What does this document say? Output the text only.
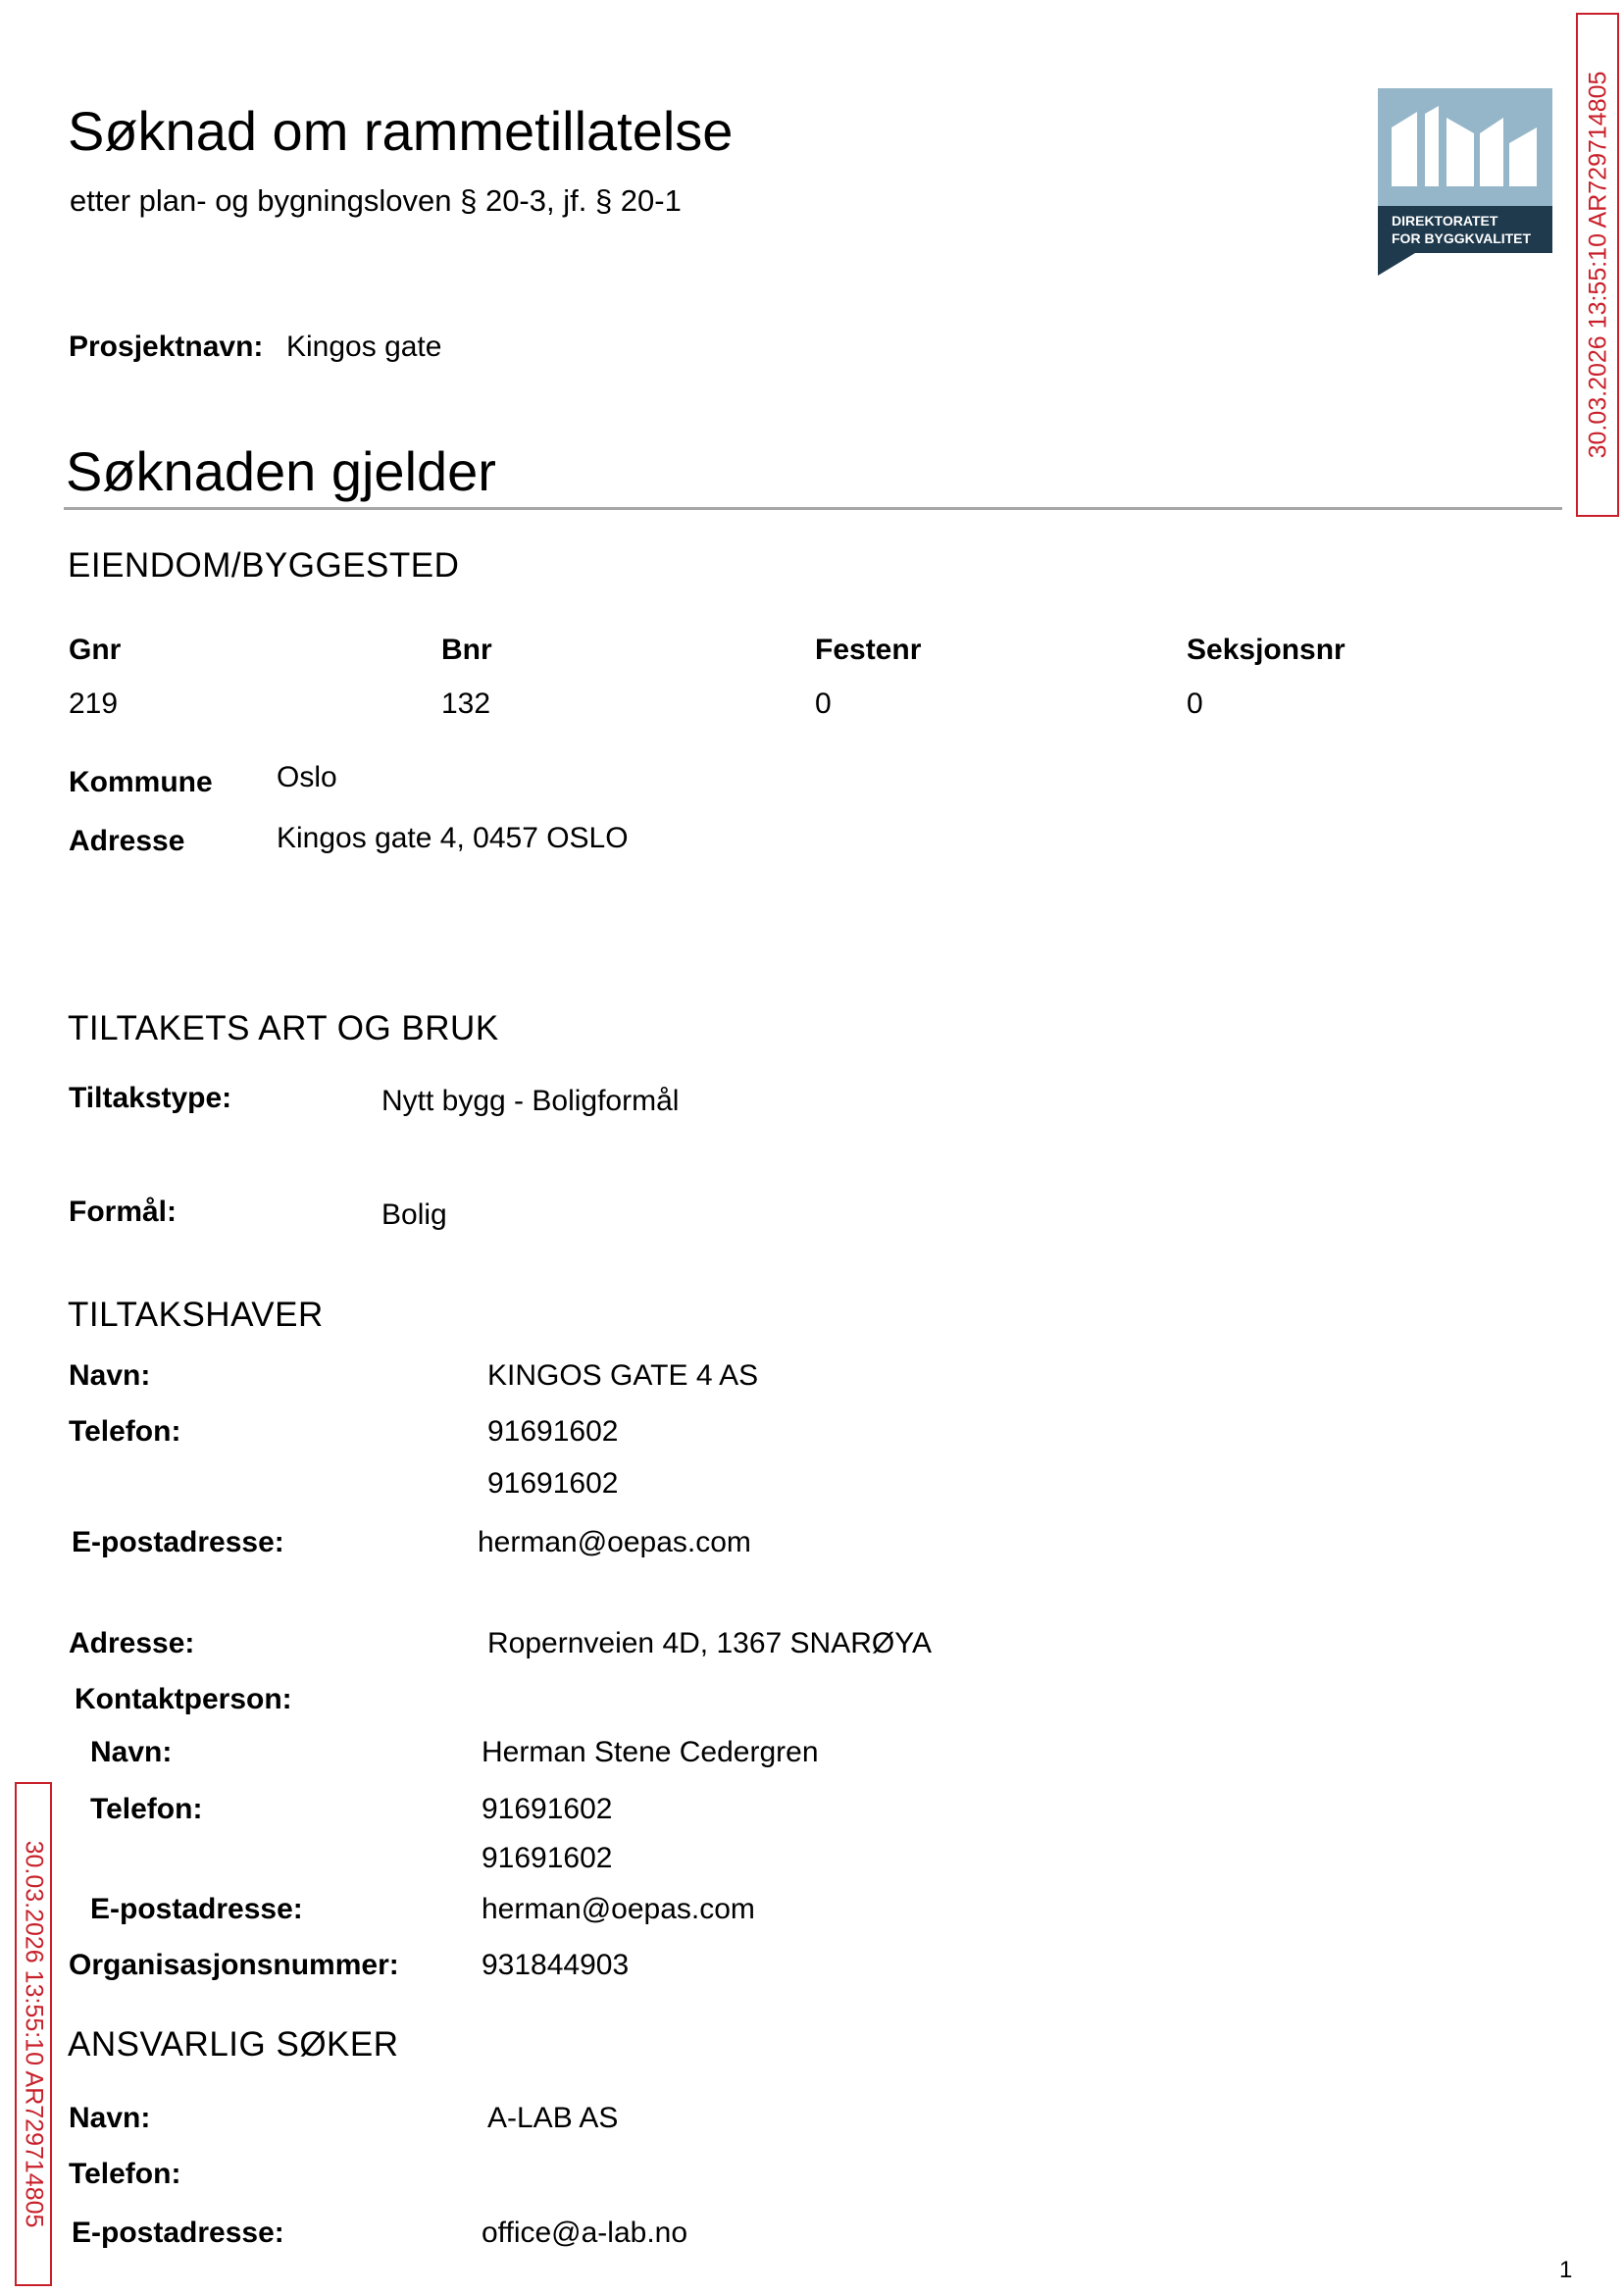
Søknad om rammetillatelse
etter plan- og bygningsloven § 20-3, jf. § 20-1
DIREKTORATET
FOR BYGGKVALITET 30.03.2026 13:55:10 AR729714805
30.03.2026 13:55:10 AR729714805
Prosjektnavn: Kingos gate
Søknaden gjelder
EIENDOM/BYGGESTED
Gnr	Bnr	Festenr	Seksjonsnr
219	132	0	0
Kommune Oslo
Adresse	Kingos gate 4, 0457 OSLO
TILTAKETS ART OG BRUK
Tiltakstype:	Nytt bygg - Boligformål
Formål:	Bolig
TILTAKSHAVER
Navn:	KINGOS GATE 4 AS
Telefon:	91691602
91691602
E-postadresse:	herman@oepas.com
Adresse:	Ropernveien 4D, 1367 SNARØYA
Kontaktperson:
Navn:	Herman Stene Cedergren
Telefon:	91691602
91691602
E-postadresse:	herman@oepas.com
Organisasjonsnummer:	931844903
ANSVARLIG SØKER
Navn:	A-LAB AS
Telefon:
E-postadresse:	office@a-lab.no
1
